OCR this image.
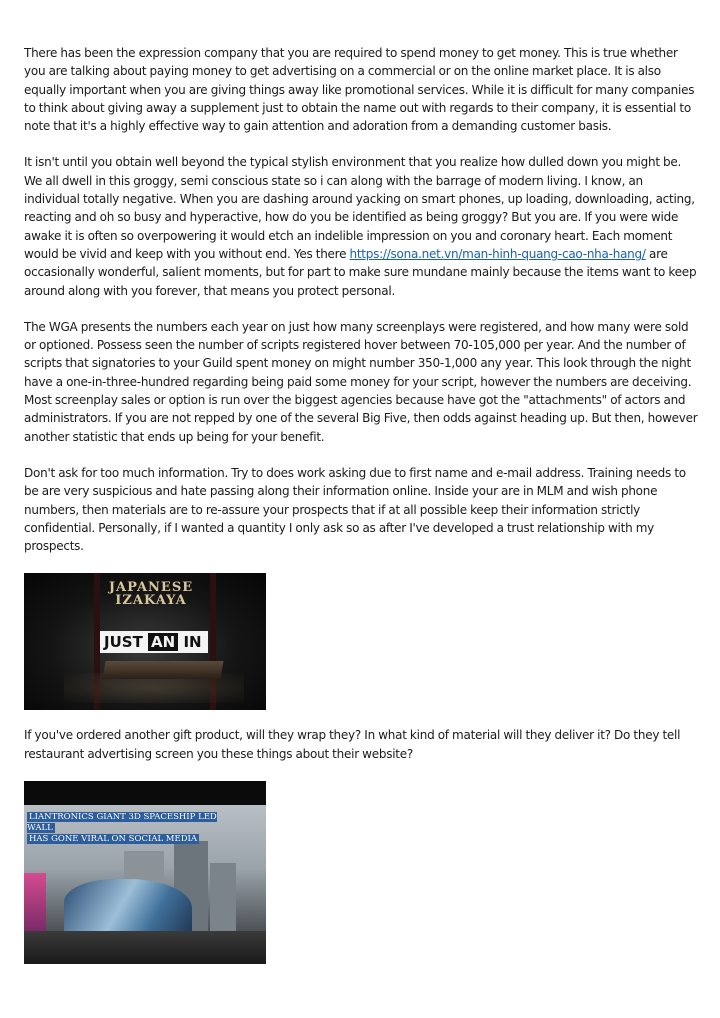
There has been the expression company that you are required to spend money to get money. This is true whether you are talking about paying money to get advertising on a commercial or on the online market place. It is also equally important when you are giving things away like promotional services. While it is difficult for many companies to think about giving away a supplement just to obtain the name out with regards to their company, it is essential to note that it's a highly effective way to gain attention and adoration from a demanding customer basis.

It isn't until you obtain well beyond the typical stylish environment that you realize how dulled down you might be. We all dwell in this groggy, semi conscious state so i can along with the barrage of modern living. I know, an individual totally negative. When you are dashing around yacking on smart phones, up loading, downloading, acting, reacting and oh so busy and hyperactive, how do you be identified as being groggy? But you are. If you were wide awake it is often so overpowering it would etch an indelible impression on you and coronary heart. Each moment would be vivid and keep with you without end. Yes there https://sona.net.vn/man-hinh-quang-cao-nha-hang/ are occasionally wonderful, salient moments, but for part to make sure mundane mainly because the items want to keep around along with you forever, that means you protect personal.

The WGA presents the numbers each year on just how many screenplays were registered, and how many were sold or optioned. Possess seen the number of scripts registered hover between 70-105,000 per year. And the number of scripts that signatories to your Guild spent money on might number 350-1,000 any year. This look through the night have a one-in-three-hundred regarding being paid some money for your script, however the numbers are deceiving. Most screenplay sales or option is run over the biggest agencies because have got the "attachments" of actors and administrators. If you are not repped by one of the several Big Five, then odds against heading up. But then, however another statistic that ends up being for your benefit.

Don't ask for too much information. Try to does work asking due to first name and e-mail address. Training needs to be are very suspicious and hate passing along their information online. Inside your are in MLM and wish phone numbers, then materials are to re-assure your prospects that if at all possible keep their information strictly confidential. Personally, if I wanted a quantity I only ask so as after I've developed a trust relationship with my prospects.

JAPANESE
IZAKAYA
JUST AN IN

If you've ordered another gift product, will they wrap they? In what kind of material will they deliver it? Do they tell restaurant advertising screen you these things about their website?

LIANTRONICS GIANT 3D SPACESHIP LED WALL
HAS GONE VIRAL ON SOCIAL MEDIA
